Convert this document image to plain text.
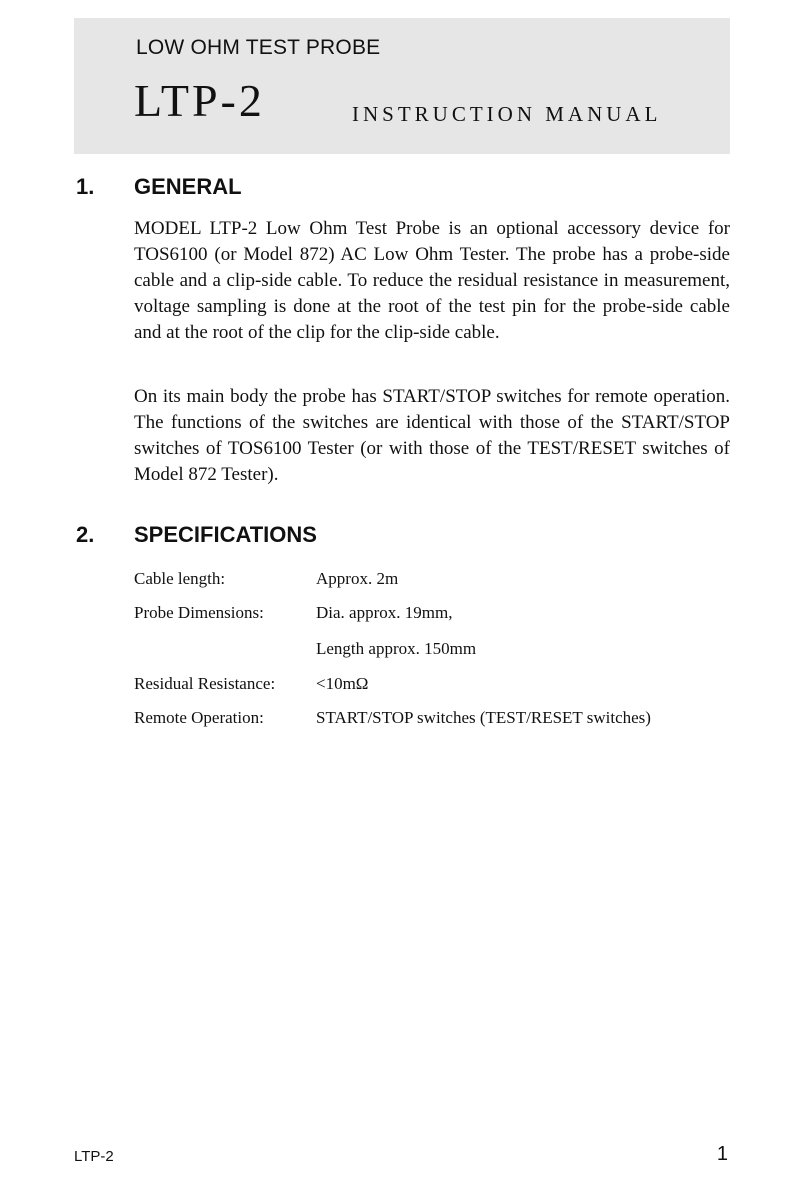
LOW OHM TEST PROBE
LTP-2	INSTRUCTION MANUAL
1. GENERAL

MODEL LTP-2 Low Ohm Test Probe is an optional accessory device for TOS6100 (or Model 872) AC Low Ohm Tester. The probe has a probe-side cable and a clip-side cable. To reduce the residual resistance in measurement, voltage sampling is done at the root of the test pin for the probe-side cable and at the root of the clip for the clip-side cable.

On its main body the probe has START/STOP switches for remote operation. The functions of the switches are identical with those of the START/STOP switches of TOS6100 Tester (or with those of the TEST/RESET switches of Model 872 Tester).

2. SPECIFICATIONS
Cable length:	Approx. 2m
Probe Dimensions:	Dia. approx. 19mm,
Length approx. 150mm
Residual Resistance: <10mΩ
Remote Operation:	START/STOP switches (TEST/RESET switches)
LTP-2	1
